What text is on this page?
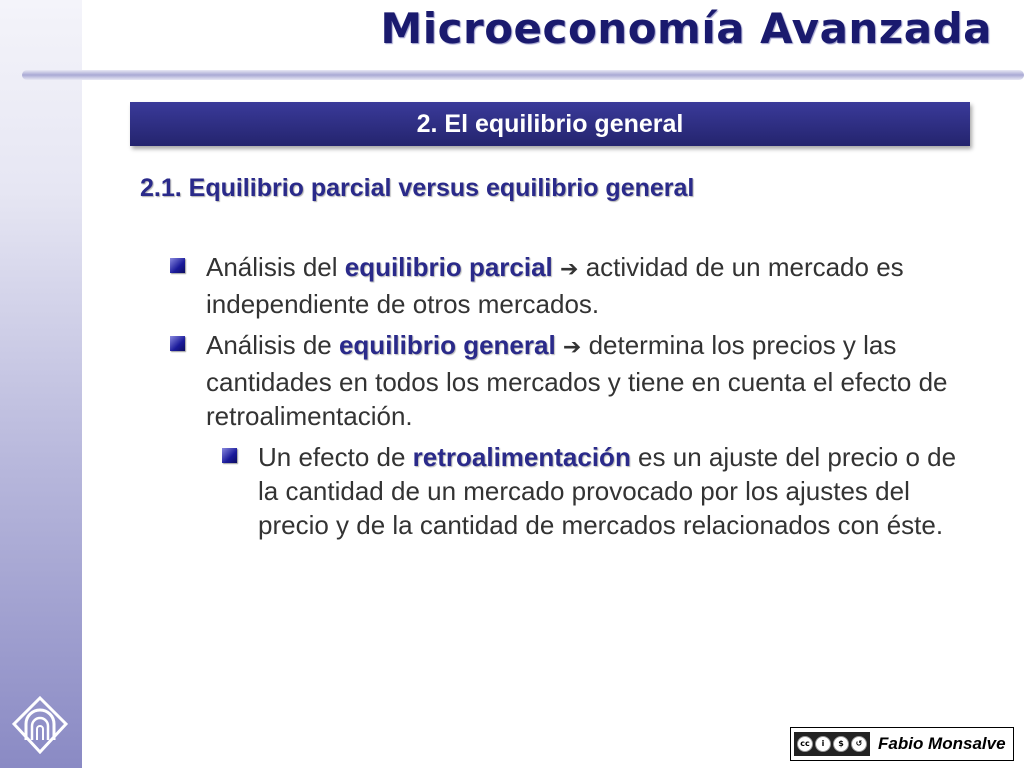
Microeconomía Avanzada
2. El equilibrio general
2.1. Equilibrio parcial versus equilibrio general
Análisis del equilibrio parcial ➔ actividad de un mercado es independiente de otros mercados.
Análisis de equilibrio general ➔ determina los precios y las cantidades en todos los mercados y tiene en cuenta el efecto de retroalimentación.
Un efecto de retroalimentación es un ajuste del precio o de la cantidad de un mercado provocado por los ajustes del precio y de la cantidad de mercados relacionados con éste.
cc	i	$	↺ Fabio Monsalve
